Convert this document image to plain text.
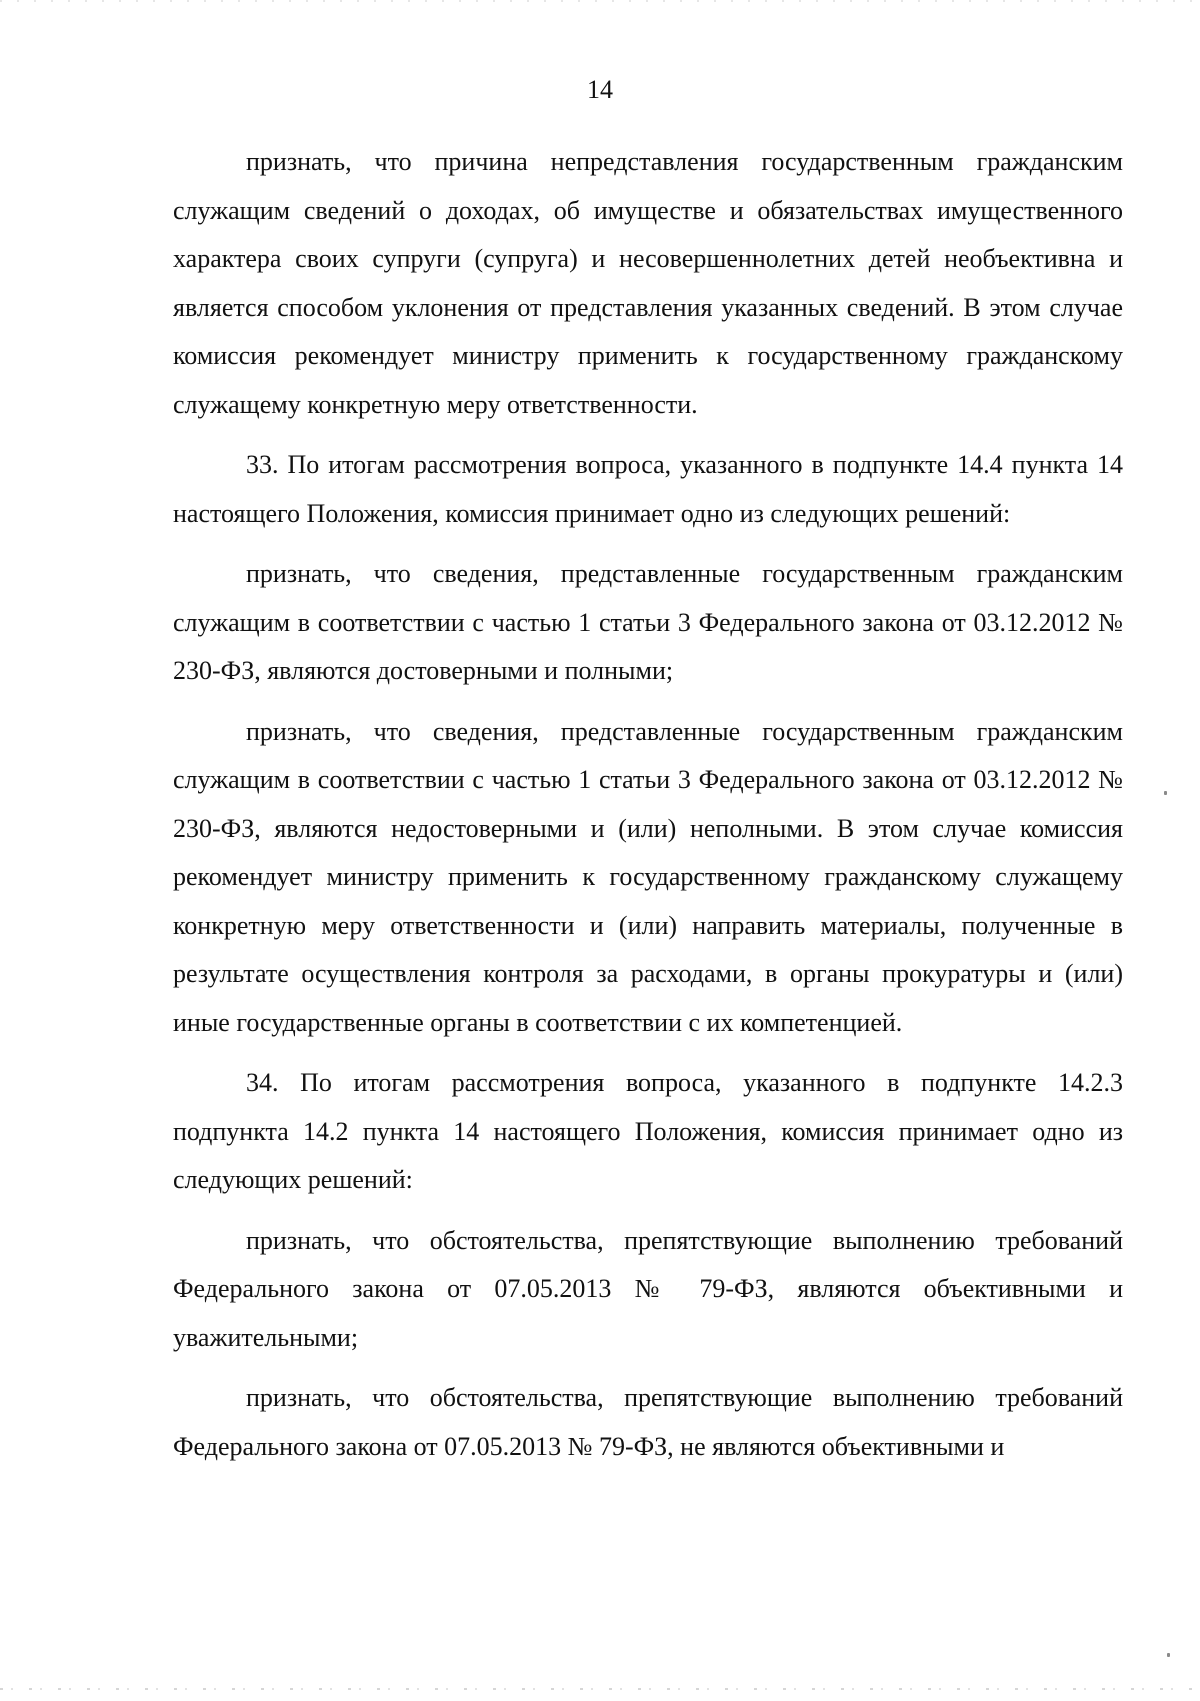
14

признать, что причина непредставления государственным гражданским служащим сведений о доходах, об имуществе и обязательствах имущественного характера своих супруги (супруга) и несовершеннолетних детей необъективна и является способом уклонения от представления указанных сведений. В этом случае комиссия рекомендует министру применить к государственному гражданскому служащему конкретную меру ответственности.

33. По итогам рассмотрения вопроса, указанного в подпункте 14.4 пункта 14 настоящего Положения, комиссия принимает одно из следующих решений:

признать, что сведения, представленные государственным гражданским служащим в соответствии с частью 1 статьи 3 Федерального закона от 03.12.2012 № 230-ФЗ, являются достоверными и полными;

признать, что сведения, представленные государственным гражданским служащим в соответствии с частью 1 статьи 3 Федерального закона от 03.12.2012 № 230-ФЗ, являются недостоверными и (или) неполными. В этом случае комиссия рекомендует министру применить к государственному гражданскому служащему конкретную меру ответственности и (или) направить материалы, полученные в результате осуществления контроля за расходами, в органы прокуратуры и (или) иные государственные органы в соответствии с их компетенцией.

34. По итогам рассмотрения вопроса, указанного в подпункте 14.2.3 подпункта 14.2 пункта 14 настоящего Положения, комиссия принимает одно из следующих решений:

признать, что обстоятельства, препятствующие выполнению требований Федерального закона от 07.05.2013 № 79-ФЗ, являются объективными и уважительными;

признать, что обстоятельства, препятствующие выполнению требований Федерального закона от 07.05.2013 № 79-ФЗ, не являются объективными и
